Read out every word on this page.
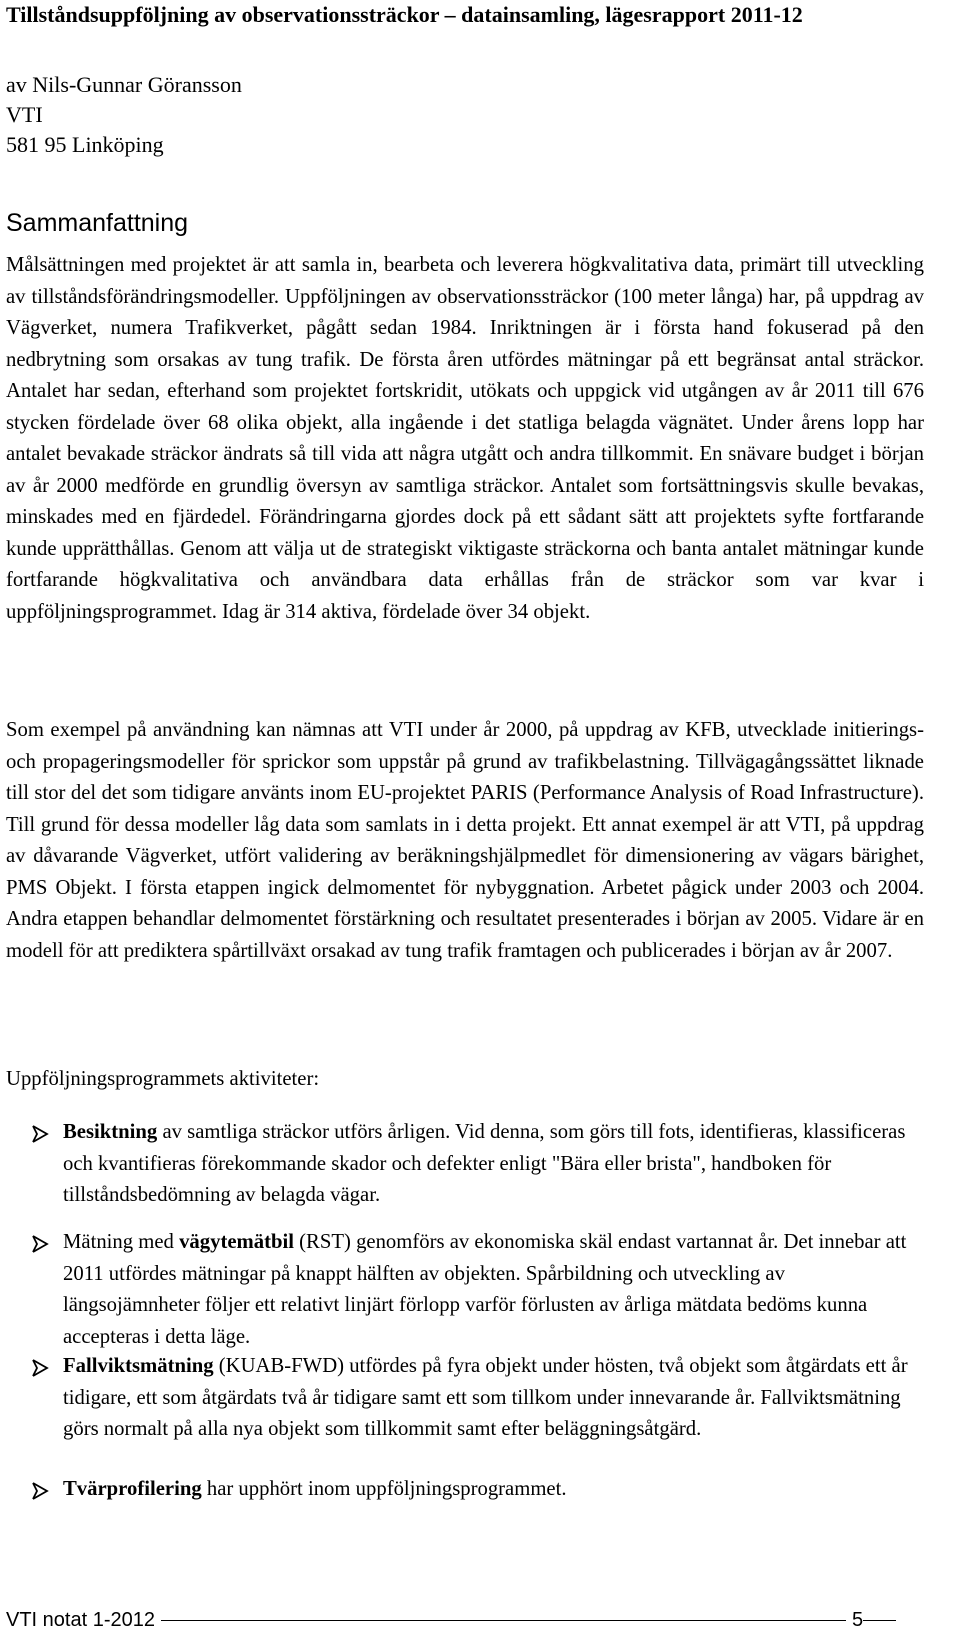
Tillståndsuppföljning av observationssträckor – datainsamling, lägesrapport 2011-12
av Nils-Gunnar Göransson
VTI
581 95 Linköping
Sammanfattning

Målsättningen med projektet är att samla in, bearbeta och leverera högkvalitativa data, primärt till utveckling av tillståndsförändringsmodeller. Uppföljningen av observationssträckor (100 meter långa) har, på uppdrag av Vägverket, numera Trafikverket, pågått sedan 1984. Inriktningen är i första hand fokuserad på den nedbrytning som orsakas av tung trafik. De första åren utfördes mätningar på ett begränsat antal sträckor. Antalet har sedan, efterhand som projektet fortskridit, utökats och uppgick vid utgången av år 2011 till 676 stycken fördelade över 68 olika objekt, alla ingående i det statliga belagda vägnätet. Under årens lopp har antalet bevakade sträckor ändrats så till vida att några utgått och andra tillkommit. En snävare budget i början av år 2000 medförde en grundlig översyn av samtliga sträckor. Antalet som fortsättningsvis skulle bevakas, minskades med en fjärdedel. Förändringarna gjordes dock på ett sådant sätt att projektets syfte fortfarande kunde upprätthållas. Genom att välja ut de strategiskt viktigaste sträckorna och banta antalet mätningar kunde fortfarande högkvalitativa och användbara data erhållas från de sträckor som var kvar i uppföljningsprogrammet. Idag är 314 aktiva, fördelade över 34 objekt.

Som exempel på användning kan nämnas att VTI under år 2000, på uppdrag av KFB, utvecklade initierings- och propageringsmodeller för sprickor som uppstår på grund av trafikbelastning. Tillvägagångssättet liknade till stor del det som tidigare använts inom EU-projektet PARIS (Performance Analysis of Road Infrastructure). Till grund för dessa modeller låg data som samlats in i detta projekt. Ett annat exempel är att VTI, på uppdrag av dåvarande Vägverket, utfört validering av beräkningshjälpmedlet för dimensionering av vägars bärighet, PMS Objekt. I första etappen ingick delmomentet för nybyggnation. Arbetet pågick under 2003 och 2004. Andra etappen behandlar delmomentet förstärkning och resultatet presenterades i början av 2005. Vidare är en modell för att prediktera spårtillväxt orsakad av tung trafik framtagen och publicerades i början av år 2007.

Uppföljningsprogrammets aktiviteter:

Besiktning av samtliga sträckor utförs årligen. Vid denna, som görs till fots, identifieras, klassificeras och kvantifieras förekommande skador och defekter enligt "Bära eller brista", handboken för tillståndsbedömning av belagda vägar.

Mätning med vägytemätbil (RST) genomförs av ekonomiska skäl endast vartannat år. Det innebar att 2011 utfördes mätningar på knappt hälften av objekten. Spårbildning och utveckling av längsojämnheter följer ett relativt linjärt förlopp varför förlusten av årliga mätdata bedöms kunna accepteras i detta läge.

Fallviktsmätning (KUAB-FWD) utfördes på fyra objekt under hösten, två objekt som åtgärdats ett år tidigare, ett som åtgärdats två år tidigare samt ett som tillkom under innevarande år. Fallviktsmätning görs normalt på alla nya objekt som tillkommit samt efter beläggningsåtgärd.

Tvärprofilering har upphört inom uppföljningsprogrammet.

VTI notat 1-2012	5
